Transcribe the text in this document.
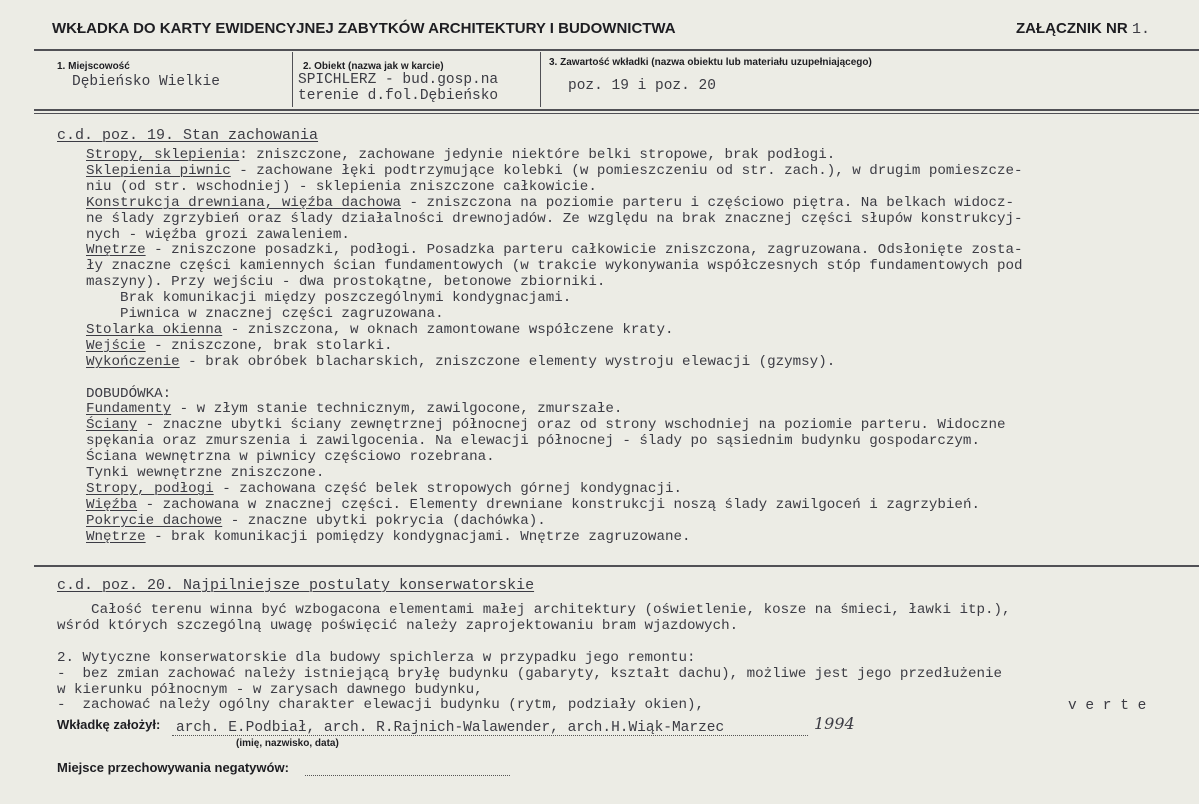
WKŁADKA DO KARTY EWIDENCYJNEJ ZABYTKÓW ARCHITEKTURY I BUDOWNICTWA	ZAŁĄCZNIK NR 1.
1. Miejscowość
Dębieńsko Wielkie
2. Obiekt (nazwa jak w karcie)
SPICHLERZ - bud.gosp.na
terenie d.fol.Dębieńsko
3. Zawartość wkładki (nazwa obiektu lub materiału uzupełniającego)
poz. 19 i poz. 20
c.d. poz. 19. Stan zachowania
Stropy, sklepienia: zniszczone, zachowane jedynie niektóre belki stropowe, brak podłogi.
Sklepienia piwnic - zachowane łęki podtrzymujące kolebki (w pomieszczeniu od str. zach.), w drugim pomieszcze-
niu (od str. wschodniej) - sklepienia zniszczone całkowicie.
Konstrukcja drewniana, więźba dachowa - zniszczona na poziomie parteru i częściowo piętra. Na belkach widocz-
ne ślady zgrzybień oraz ślady działalności drewnojadów. Ze względu na brak znacznej części słupów konstrukcyj-
nych - więźba grozi zawaleniem.
Wnętrze - zniszczone posadzki, podłogi. Posadzka parteru całkowicie zniszczona, zagruzowana. Odsłonięte zosta-
ły znaczne części kamiennych ścian fundamentowych (w trakcie wykonywania współczesnych stóp fundamentowych pod
maszyny). Przy wejściu - dwa prostokątne, betonowe zbiorniki.
Brak komunikacji między poszczególnymi kondygnacjami.
Piwnica w znacznej części zagruzowana.
Stolarka okienna - zniszczona, w oknach zamontowane współczene kraty.
Wejście - zniszczone, brak stolarki.
Wykończenie - brak obróbek blacharskich, zniszczone elementy wystroju elewacji (gzymsy).
DOBUDÓWKA:
Fundamenty - w złym stanie technicznym, zawilgocone, zmurszałe.
Ściany - znaczne ubytki ściany zewnętrznej północnej oraz od strony wschodniej na poziomie parteru. Widoczne
spękania oraz zmurszenia i zawilgocenia. Na elewacji północnej - ślady po sąsiednim budynku gospodarczym.
Ściana wewnętrzna w piwnicy częściowo rozebrana.
Tynki wewnętrzne zniszczone.
Stropy, podłogi - zachowana część belek stropowych górnej kondygnacji.
Więźba - zachowana w znacznej części. Elementy drewniane konstrukcji noszą ślady zawilgoceń i zagrzybień.
Pokrycie dachowe - znaczne ubytki pokrycia (dachówka).
Wnętrze - brak komunikacji pomiędzy kondygnacjami. Wnętrze zagruzowane.
c.d. poz. 20. Najpilniejsze postulaty konserwatorskie
Całość terenu winna być wzbogacona elementami małej architektury (oświetlenie, kosze na śmieci, ławki itp.),
wśród których szczególną uwagę poświęcić należy zaprojektowaniu bram wjazdowych.
2. Wytyczne konserwatorskie dla budowy spichlerza w przypadku jego remontu:
-  bez zmian zachować należy istniejącą bryłę budynku (gabaryty, kształt dachu), możliwe jest jego przedłużenie
w kierunku północnym - w zarysach dawnego budynku,
-  zachować należy ogólny charakter elewacji budynku (rytm, podziały okien),	v e r t e
Wkładkę założył: arch. E.Podbiał, arch. R.Rajnich-Walawender, arch.H.Wiąk-Marzec	1994
(imię, nazwisko, data)
Miejsce przechowywania negatywów:
